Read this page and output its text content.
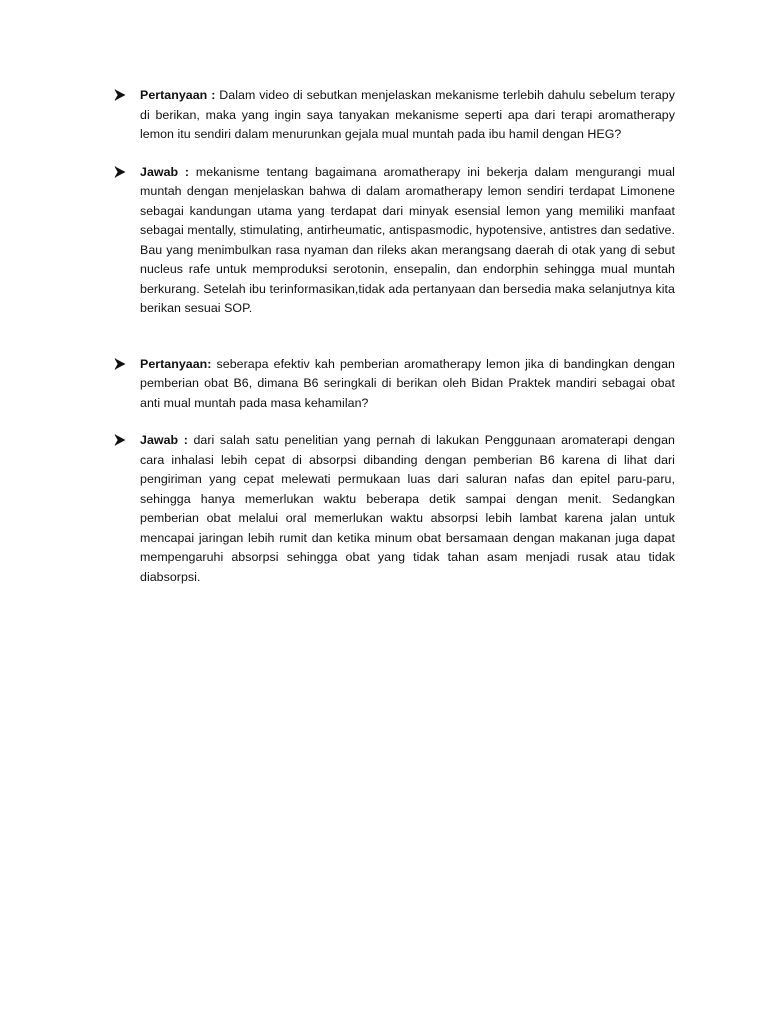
Pertanyaan : Dalam video di sebutkan menjelaskan mekanisme terlebih dahulu sebelum terapy di berikan, maka yang ingin saya tanyakan mekanisme seperti apa dari terapi aromatherapy lemon itu sendiri dalam menurunkan gejala mual muntah pada ibu hamil dengan HEG?

Jawab : mekanisme tentang bagaimana aromatherapy ini bekerja dalam mengurangi mual muntah dengan menjelaskan bahwa di dalam aromatherapy lemon sendiri terdapat Limonene sebagai kandungan utama yang terdapat dari minyak esensial lemon yang memiliki manfaat sebagai mentally, stimulating, antirheumatic, antispasmodic, hypotensive, antistres dan sedative. Bau yang menimbulkan rasa nyaman dan rileks akan merangsang daerah di otak yang di sebut nucleus rafe untuk memproduksi serotonin, ensepalin, dan endorphin sehingga mual muntah berkurang. Setelah ibu terinformasikan,tidak ada pertanyaan dan bersedia maka selanjutnya kita berikan sesuai SOP.

Pertanyaan: seberapa efektiv kah pemberian aromatherapy lemon jika di bandingkan dengan pemberian obat B6, dimana B6 seringkali di berikan oleh Bidan Praktek mandiri sebagai obat anti mual muntah pada masa kehamilan?

Jawab : dari salah satu penelitian yang pernah di lakukan Penggunaan aromaterapi dengan cara inhalasi lebih cepat di absorpsi dibanding dengan pemberian B6 karena di lihat dari pengiriman yang cepat melewati permukaan luas dari saluran nafas dan epitel paru-paru, sehingga hanya memerlukan waktu beberapa detik sampai dengan menit. Sedangkan pemberian obat melalui oral memerlukan waktu absorpsi lebih lambat karena jalan untuk mencapai jaringan lebih rumit dan ketika minum obat bersamaan dengan makanan juga dapat mempengaruhi absorpsi sehingga obat yang tidak tahan asam menjadi rusak atau tidak diabsorpsi.
